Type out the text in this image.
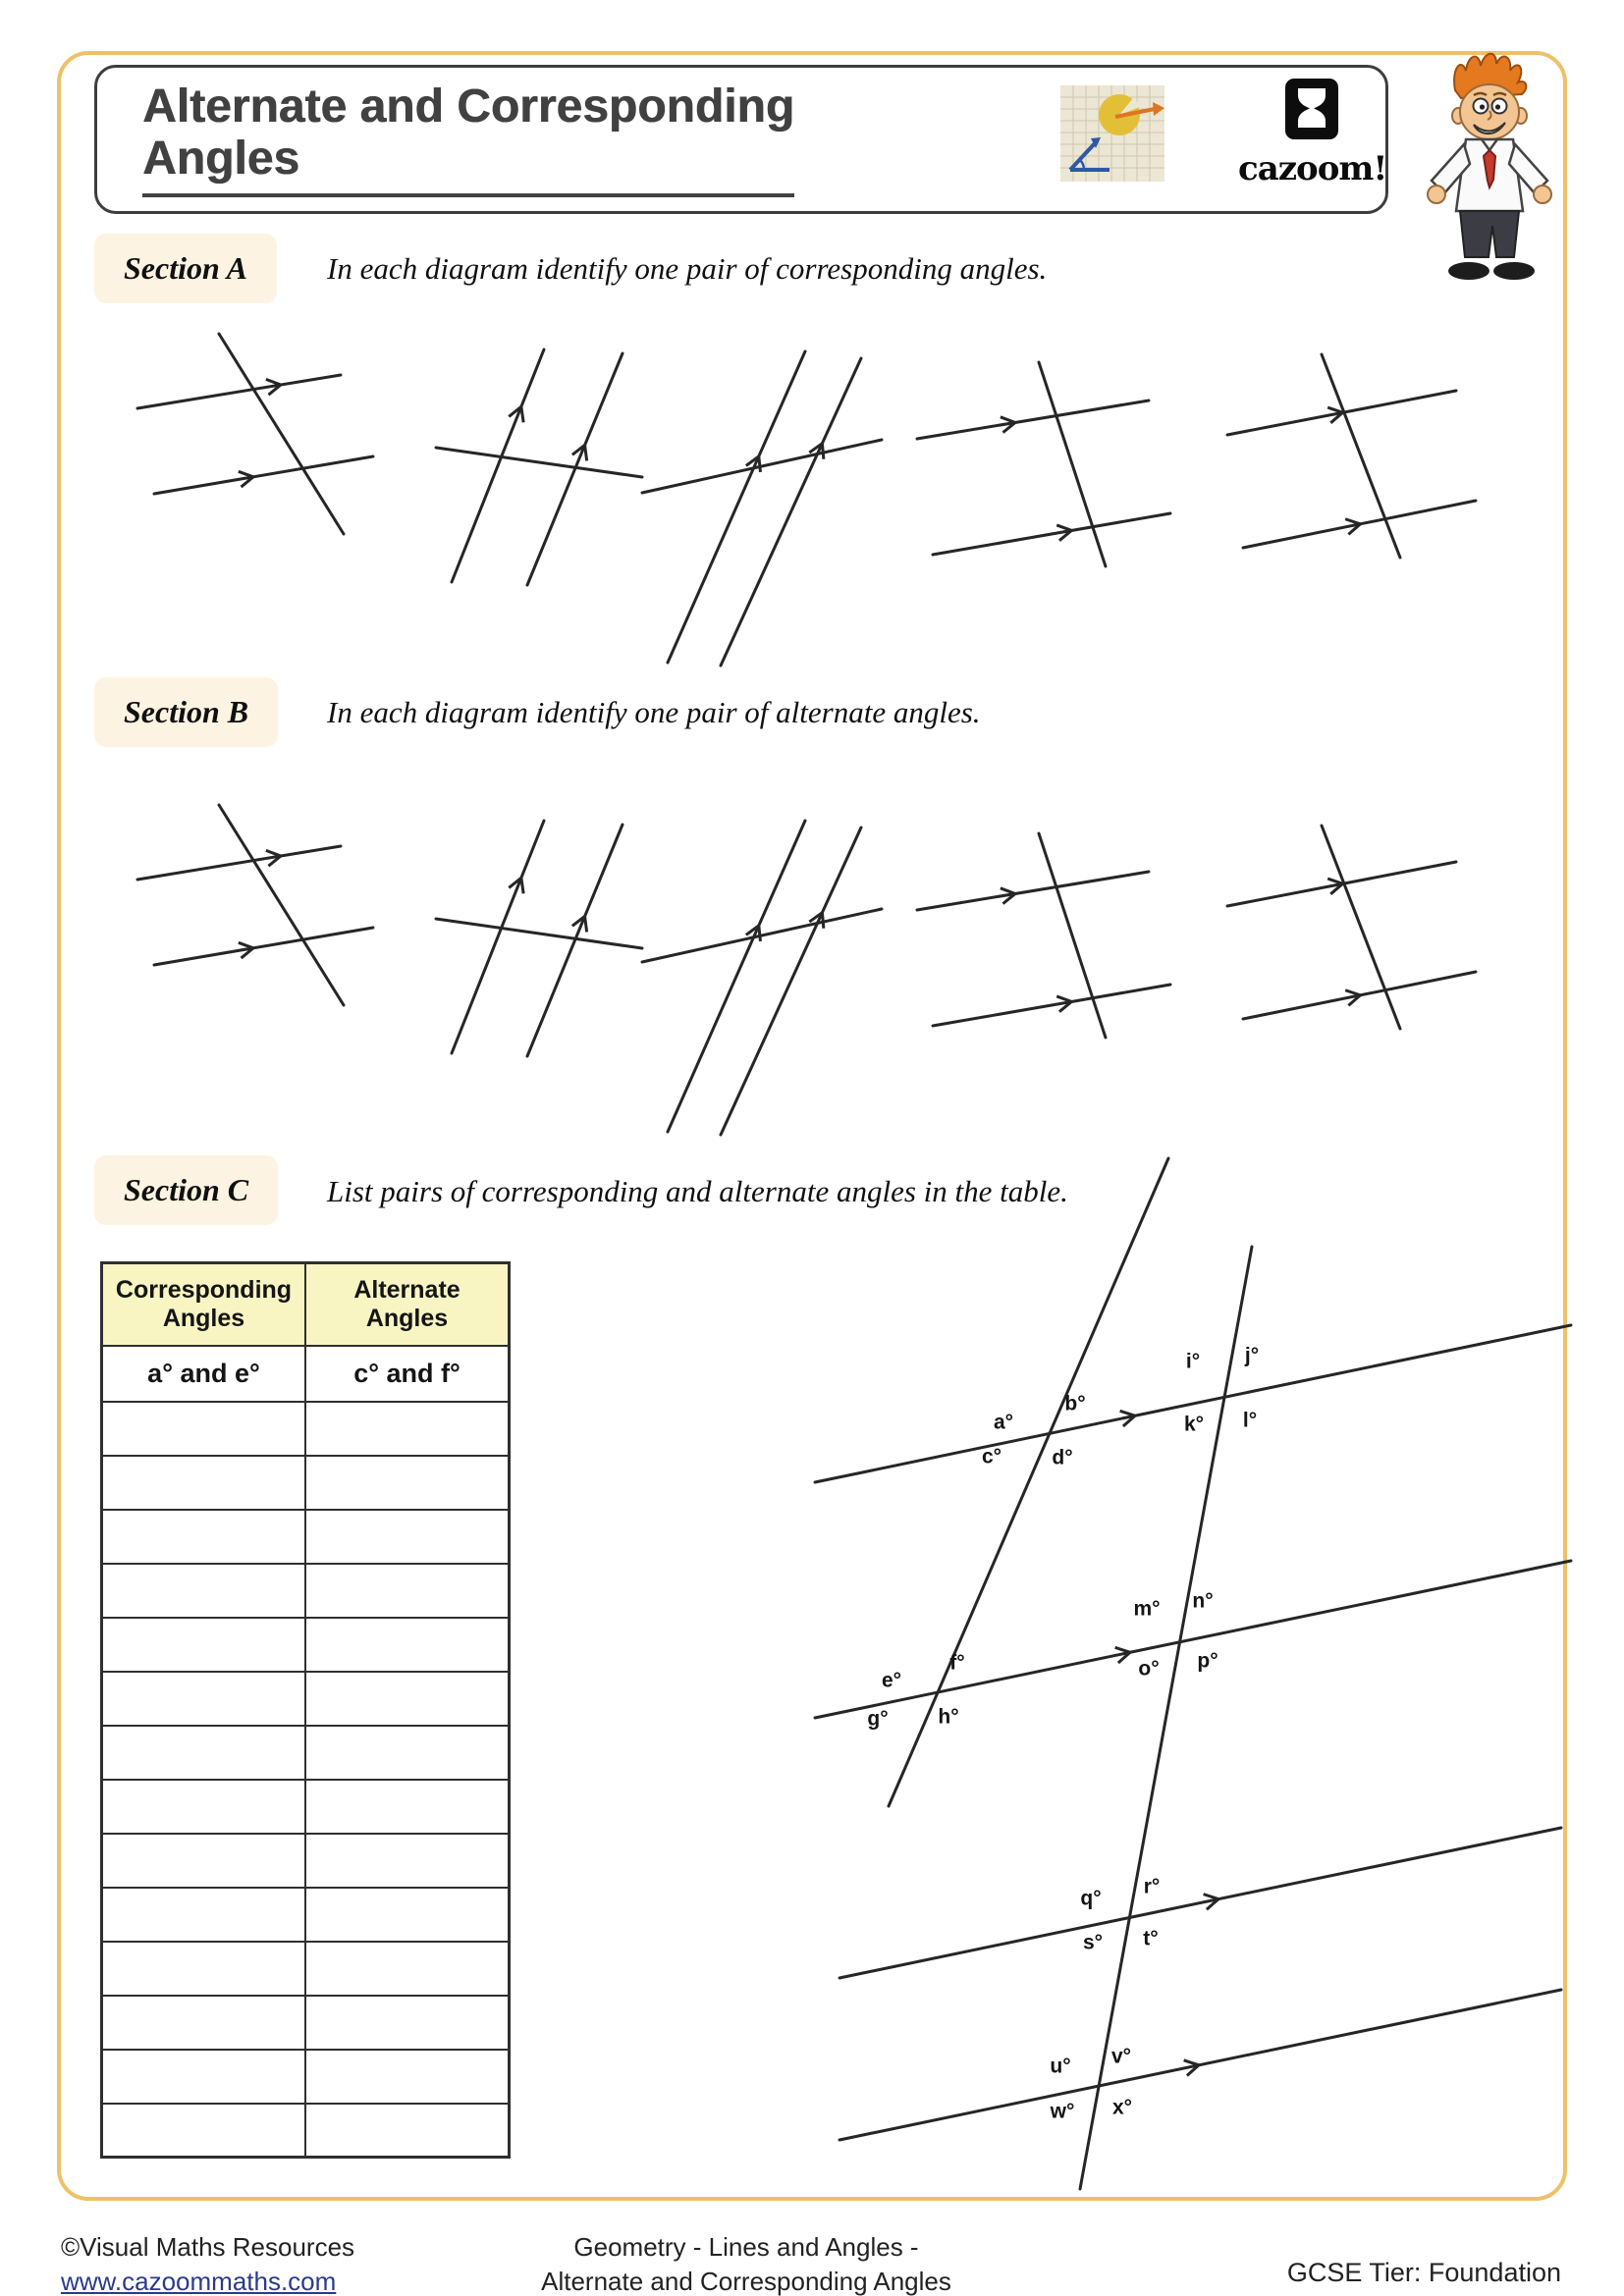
Alternate and Corresponding
Angles	cazoom!
Section A	In each diagram identify one pair of corresponding angles.
Section B	In each diagram identify one pair of alternate angles.
Section C	List pairs of corresponding and alternate angles in the table.
Corresponding Angles	Alternate Angles
a° and e°	c° and f°

a°
b°
c° d°
e°
f°
g° h°
i° j°
k° l°
m° n°
o° p°
q°
r°
s° t°
u° v°
w° x°
©Visual Maths Resources
www.cazoommaths.com
Geometry - Lines and Angles -
Alternate and Corresponding Angles	GCSE Tier: Foundation
